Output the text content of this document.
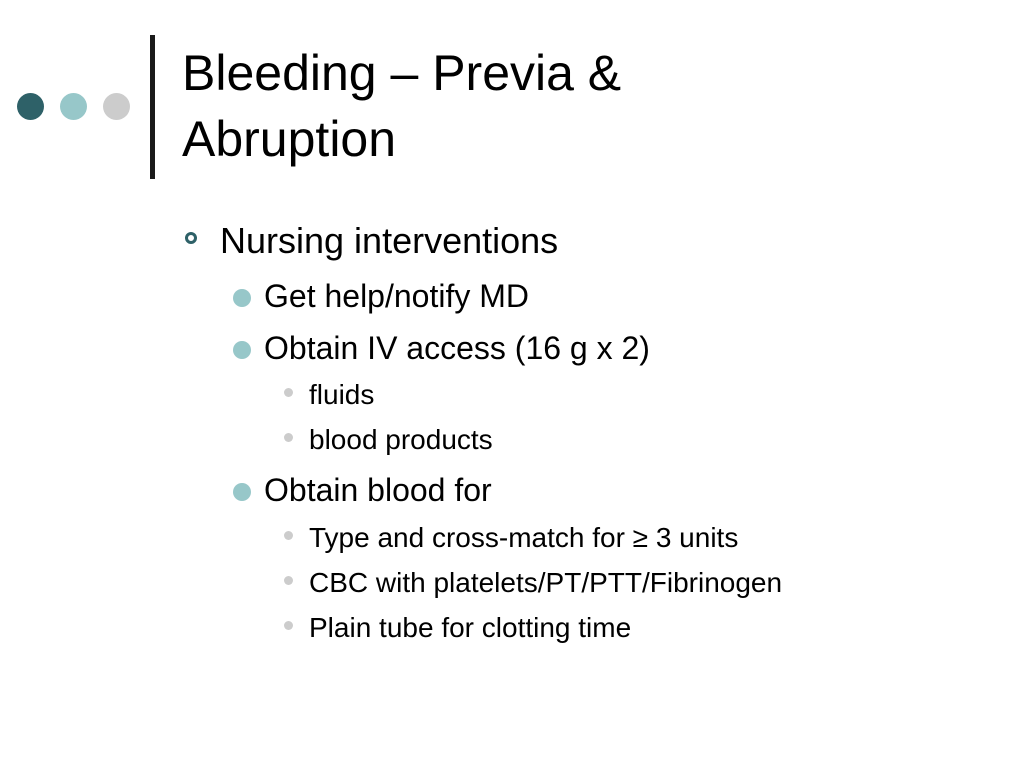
Bleeding – Previa &
Abruption
Nursing interventions
Get help/notify MD
Obtain IV access (16 g x 2)
fluids
blood products
Obtain blood for
Type and cross-match for ≥ 3 units
CBC with platelets/PT/PTT/Fibrinogen
Plain tube for clotting time
